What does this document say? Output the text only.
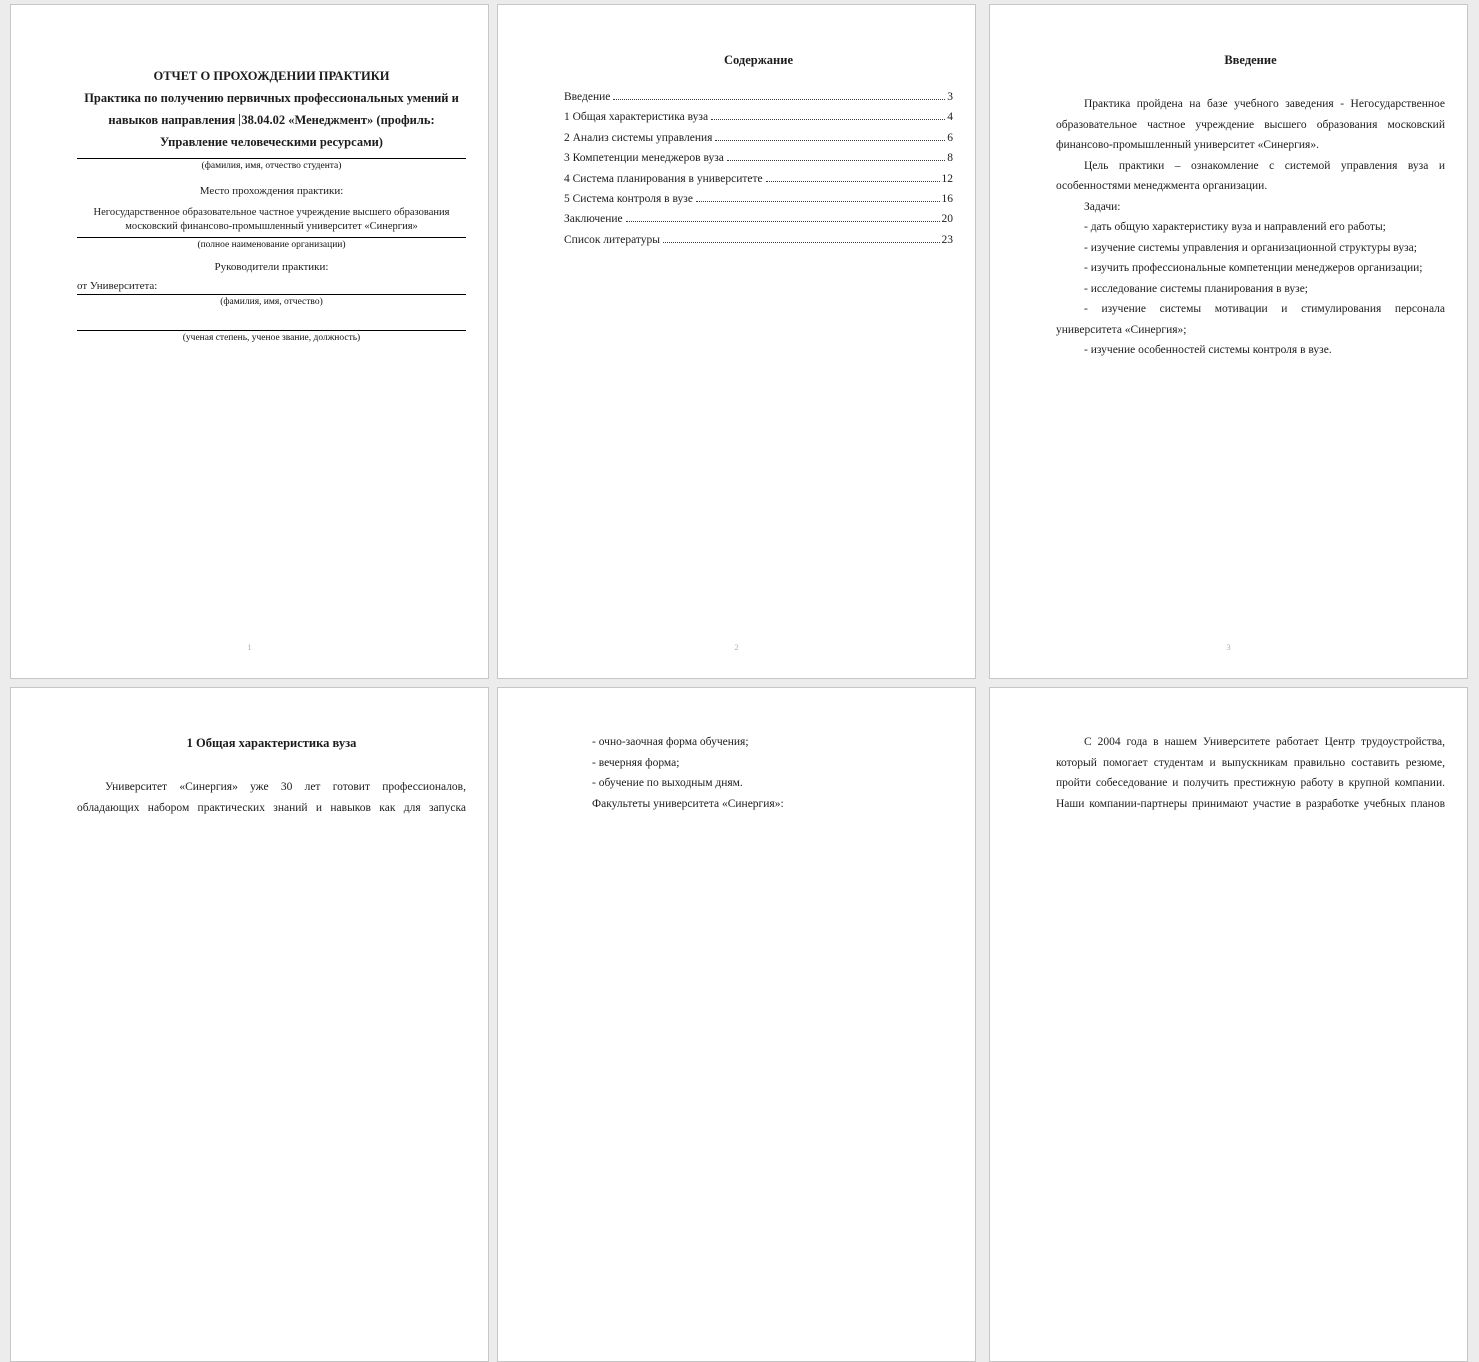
ОТЧЕТ О ПРОХОЖДЕНИИ ПРАКТИКИ

Практика по получению первичных профессиональных умений и навыков направления 38.04.02 «Менеджмент» (профиль: Управление человеческими ресурсами)

(фамилия, имя, отчество студента)

Место прохождения практики:

Негосударственное образовательное частное учреждение высшего образования
московский финансово-промышленный университет «Синергия»

(полное наименование организации)

Руководители практики:

от Университета:

(фамилия, имя, отчество)

(ученая степень, ученое звание, должность)

1

Содержание

Введение	3
1 Общая характеристика вуза	4
2 Анализ системы управления	6
3 Компетенции менеджеров вуза	8
4 Система планирования в университете	12
5 Система контроля в вузе	16
Заключение	20
Список литературы	23
2

Введение

Практика пройдена на базе учебного заведения - Негосударственное образовательное частное учреждение высшего образования московский финансово-промышленный университет «Синергия».

Цель практики – ознакомление с системой управления вуза и особенностями менеджмента организации.

Задачи:

- дать общую характеристику вуза и направлений его работы;

- изучение системы управления и организационной структуры вуза;

- изучить профессиональные компетенции менеджеров организации;

- исследование системы планирования в вузе;

- изучение системы мотивации и стимулирования персонала университета «Синергия»;

- изучение особенностей системы контроля в вузе.

3

1 Общая характеристика вуза

Университет «Синергия» уже 30 лет готовит профессионалов, обладающих набором практических знаний и навыков как для запуска

- очно-заочная форма обучения;

- вечерняя форма;

- обучение по выходным дням.

Факультеты университета «Синергия»:

С 2004 года в нашем Университете работает Центр трудоустройства, который помогает студентам и выпускникам правильно составить резюме, пройти собеседование и получить престижную работу в крупной компании. Наши компании-партнеры принимают участие в разработке учебных планов
